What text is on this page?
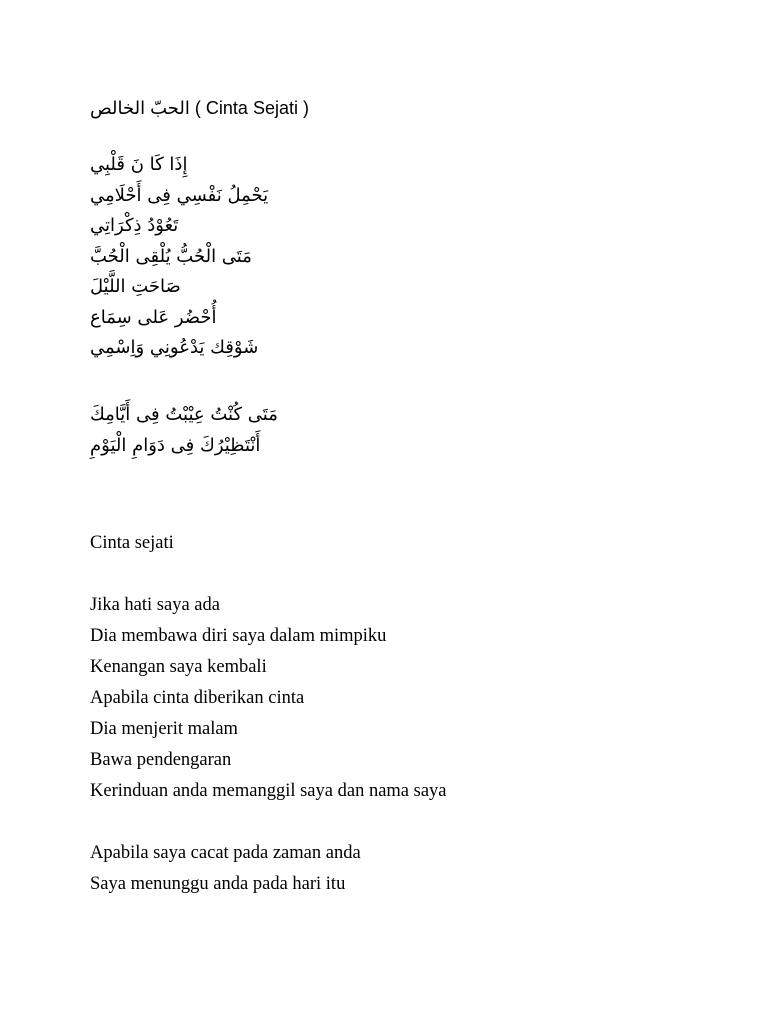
الحبّ الخالص ( Cinta Sejati )
إِذَا كَا نَ قَلْبِي
يَحْمِلُ نَفْسِي فِى أَحْلَامِي
تَعُوْدُ ذِكْرَاتِي
مَتَى الْحُبُّ يُلْقِى الْحُبَّ
صَاحَتِ اللَّيْلَ
أُحْضُر عَلى سِمَاع
شَوْقِك يَدْعُونِي وَاِسْمِي
مَتَى كُنْتُ عِيْبْتُ فِى أَيَّامِكَ
أَنْتَظِيْرُكَ فِى دَوَامِ الْيَوْمِ
Cinta sejati
Jika hati saya ada
Dia membawa diri saya dalam mimpiku
Kenangan saya kembali
Apabila cinta diberikan cinta
Dia menjerit malam
Bawa pendengaran
Kerinduan anda memanggil saya dan nama saya
Apabila saya cacat pada zaman anda
Saya menunggu anda pada hari itu
